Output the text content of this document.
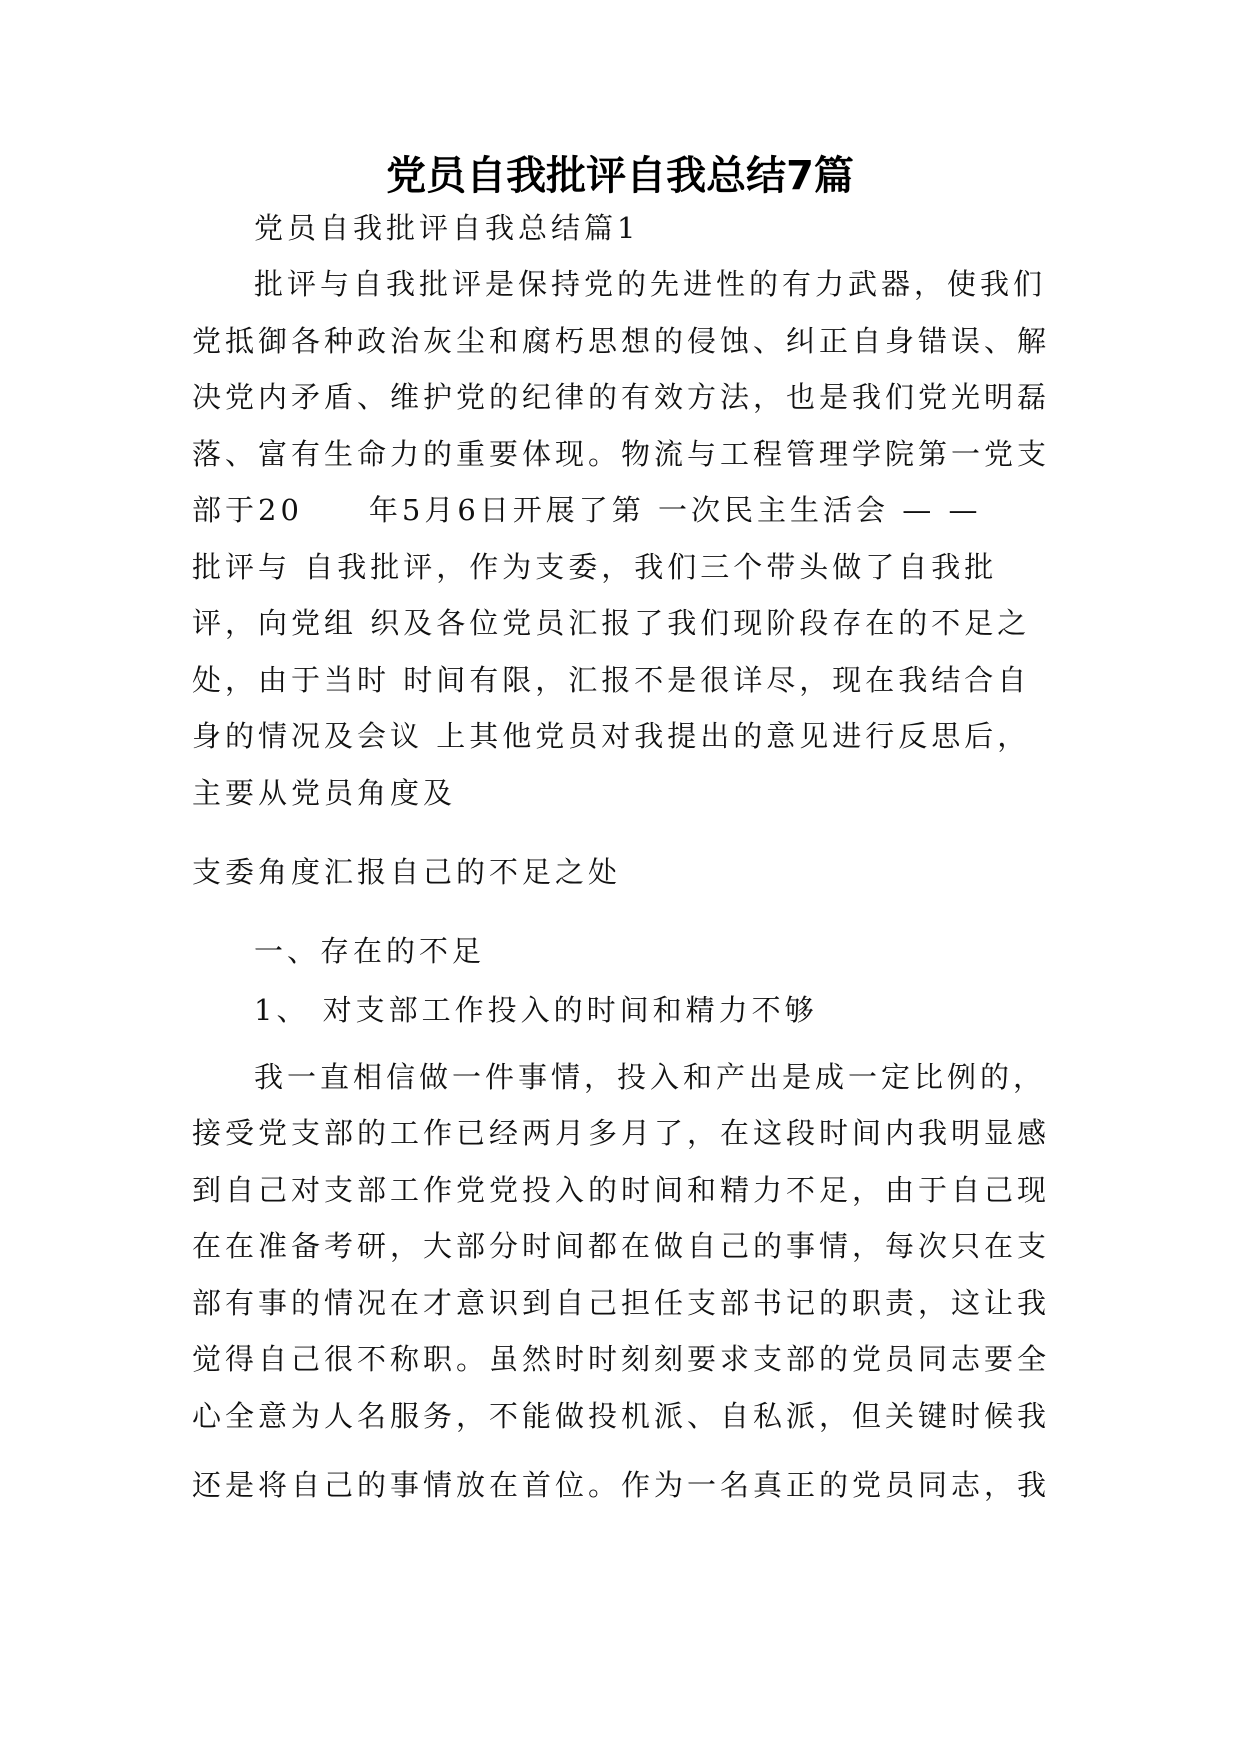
党员自我批评自我总结7篇
党员自我批评自我总结篇1
批评与自我批评是保持党的先进性的有力武器，使我们
党抵御各种政治灰尘和腐朽思想的侵蚀、纠正自身错误、解
决党内矛盾、维护党的纪律的有效方法，也是我们党光明磊
落、富有生命力的重要体现。物流与工程管理学院第一党支
部于20　　年5月6日开展了第 一次民主生活会 — —
批评与 自我批评，作为支委，我们三个带头做了自我批
评，向党组 织及各位党员汇报了我们现阶段存在的不足之
处，由于当时 时间有限，汇报不是很详尽，现在我结合自
身的情况及会议 上其他党员对我提出的意见进行反思后，
主要从党员角度及
支委角度汇报自己的不足之处
一、存在的不足
1、 对支部工作投入的时间和精力不够
我一直相信做一件事情，投入和产出是成一定比例的，
接受党支部的工作已经两月多月了，在这段时间内我明显感
到自己对支部工作党党投入的时间和精力不足，由于自己现
在在准备考研，大部分时间都在做自己的事情，每次只在支
部有事的情况在才意识到自己担任支部书记的职责，这让我
觉得自己很不称职。虽然时时刻刻要求支部的党员同志要全
心全意为人名服务，不能做投机派、自私派，但关键时候我
还是将自己的事情放在首位。作为一名真正的党员同志，我
